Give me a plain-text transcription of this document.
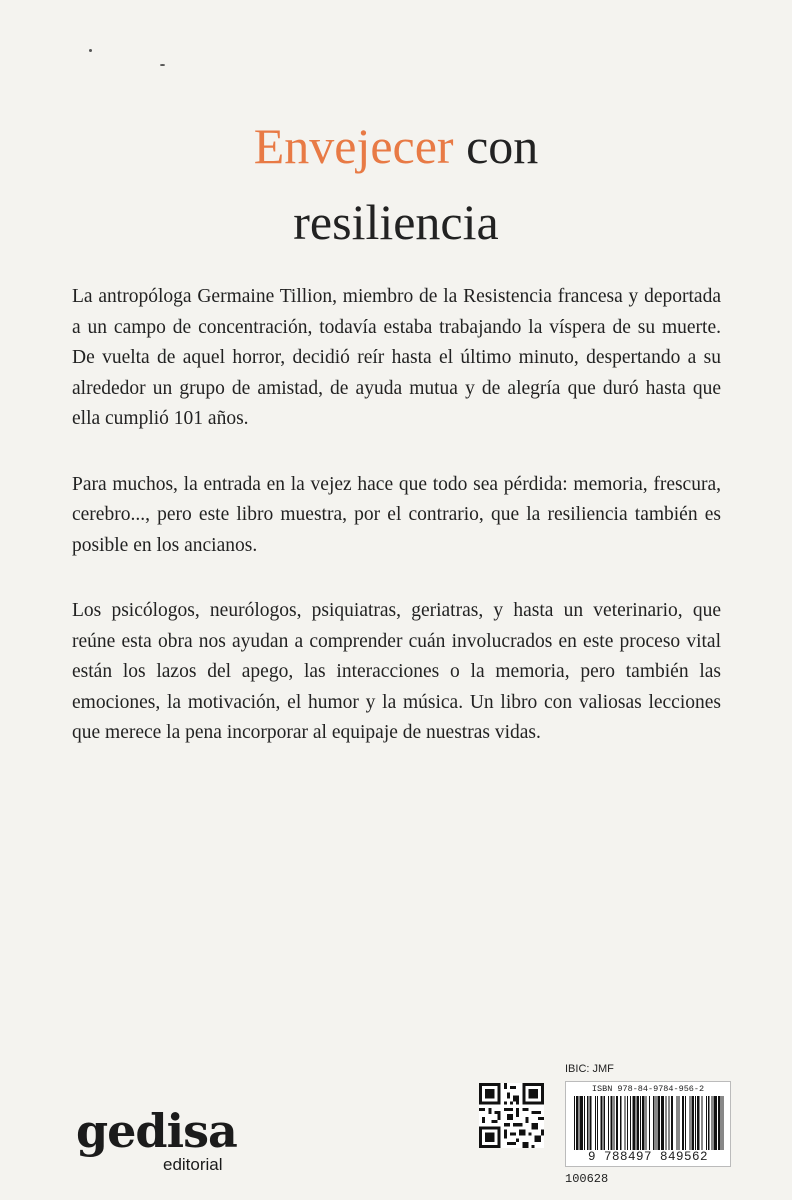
Envejecer con
resiliencia

La antropóloga Germaine Tillion, miembro de la Resistencia francesa y deportada a un campo de concentración, todavía estaba trabajando la víspera de su muerte. De vuelta de aquel horror, decidió reír hasta el último minuto, despertando a su alrededor un grupo de amistad, de ayuda mutua y de alegría que duró hasta que ella cumplió 101 años.

Para muchos, la entrada en la vejez hace que todo sea pérdida: memoria, frescura, cerebro..., pero este libro muestra, por el contrario, que la resiliencia también es posible en los ancianos.

Los psicólogos, neurólogos, psiquiatras, geriatras, y hasta un veterinario, que reúne esta obra nos ayudan a comprender cuán involucrados en este proceso vital están los lazos del apego, las interacciones o la memoria, pero también las emociones, la motivación, el humor y la música. Un libro con valiosas lecciones que merece la pena incorporar al equipaje de nuestras vidas.

gedisa
editorial
IBIC: JMF
ISBN 978-84-9784-956-2
9 788497 849562
100628
